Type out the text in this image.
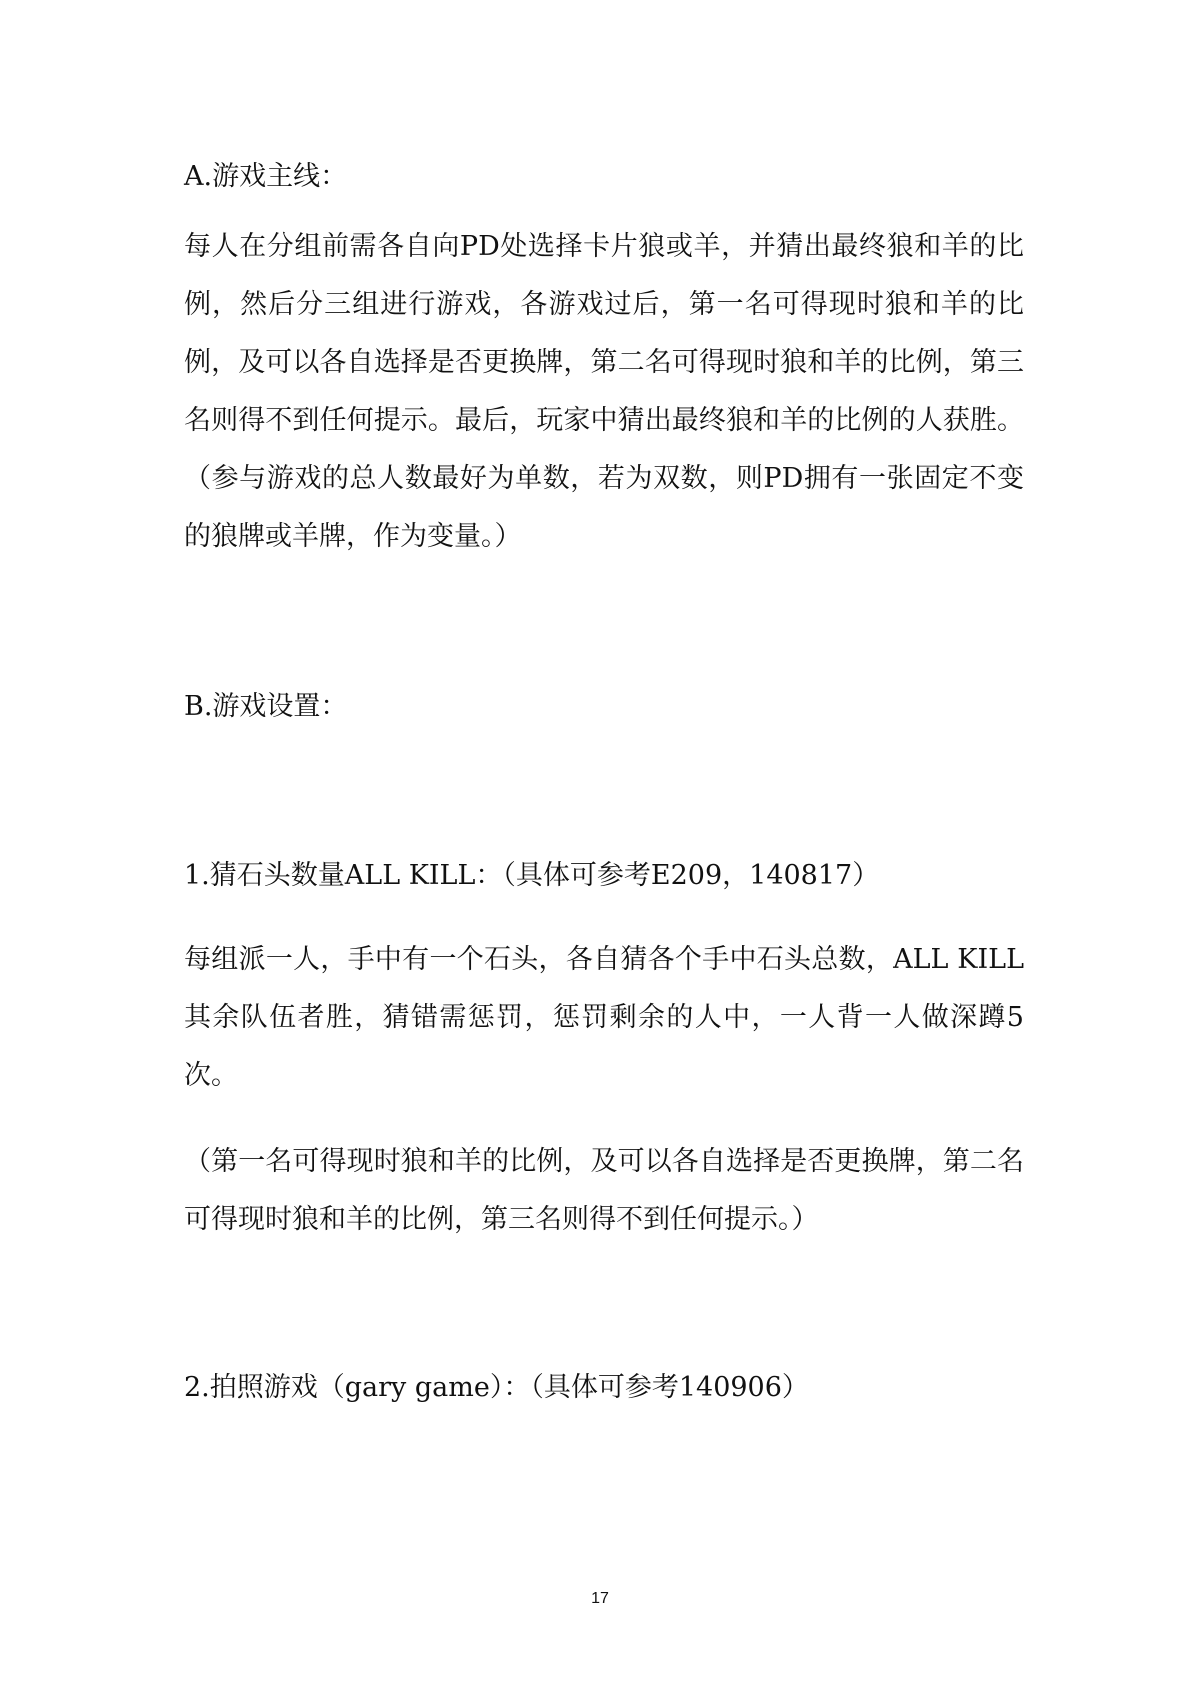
A.游戏主线：
每人在分组前需各自向PD处选择卡片狼或羊，并猜出最终狼和羊的比例，然后分三组进行游戏，各游戏过后，第一名可得现时狼和羊的比例，及可以各自选择是否更换牌，第二名可得现时狼和羊的比例，第三名则得不到任何提示。最后，玩家中猜出最终狼和羊的比例的人获胜。（参与游戏的总人数最好为单数，若为双数，则PD拥有一张固定不变的狼牌或羊牌，作为变量。）
B.游戏设置：
1.猜石头数量ALL KILL：（具体可参考E209，140817）
每组派一人，手中有一个石头，各自猜各个手中石头总数，ALL KILL其余队伍者胜，猜错需惩罚，惩罚剩余的人中，一人背一人做深蹲5次。
（第一名可得现时狼和羊的比例，及可以各自选择是否更换牌，第二名可得现时狼和羊的比例，第三名则得不到任何提示。）
2.拍照游戏（gary game）：（具体可参考140906）
17
